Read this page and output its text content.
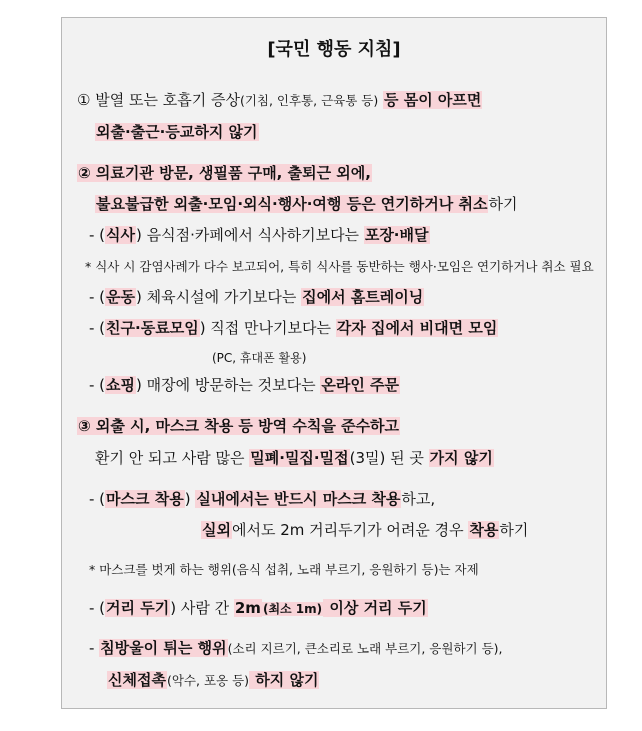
[국민 행동 지침]
① 발열 또는 호흡기 증상(기침, 인후통, 근육통 등) 등 몸이 아프면
외출·출근·등교하지 않기
② 의료기관 방문, 생필품 구매, 출퇴근 외에,
불요불급한 외출·모임·외식·행사·여행 등은 연기하거나 취소하기
- (식사) 음식점·카페에서 식사하기보다는 포장·배달
* 식사 시 감염사례가 다수 보고되어, 특히 식사를 동반하는 행사·모임은 연기하거나 취소 필요
- (운동) 체육시설에 가기보다는 집에서 홈트레이닝
- (친구·동료모임) 직접 만나기보다는 각자 집에서 비대면 모임
(PC, 휴대폰 활용)
- (쇼핑) 매장에 방문하는 것보다는 온라인 주문
③ 외출 시, 마스크 착용 등 방역 수칙을 준수하고
환기 안 되고 사람 많은 밀폐·밀집·밀접(3밀) 된 곳 가지 않기
- (마스크 착용) 실내에서는 반드시 마스크 착용하고,
실외에서도 2m 거리두기가 어려운 경우 착용하기
* 마스크를 벗게 하는 행위(음식 섭취, 노래 부르기, 응원하기 등)는 자제
- (거리 두기) 사람 간 2m (최소 1m) 이상 거리 두기
- 침방울이 튀는 행위(소리 지르기, 큰소리로 노래 부르기, 응원하기 등),
신체접촉(악수, 포옹 등) 하지 않기
